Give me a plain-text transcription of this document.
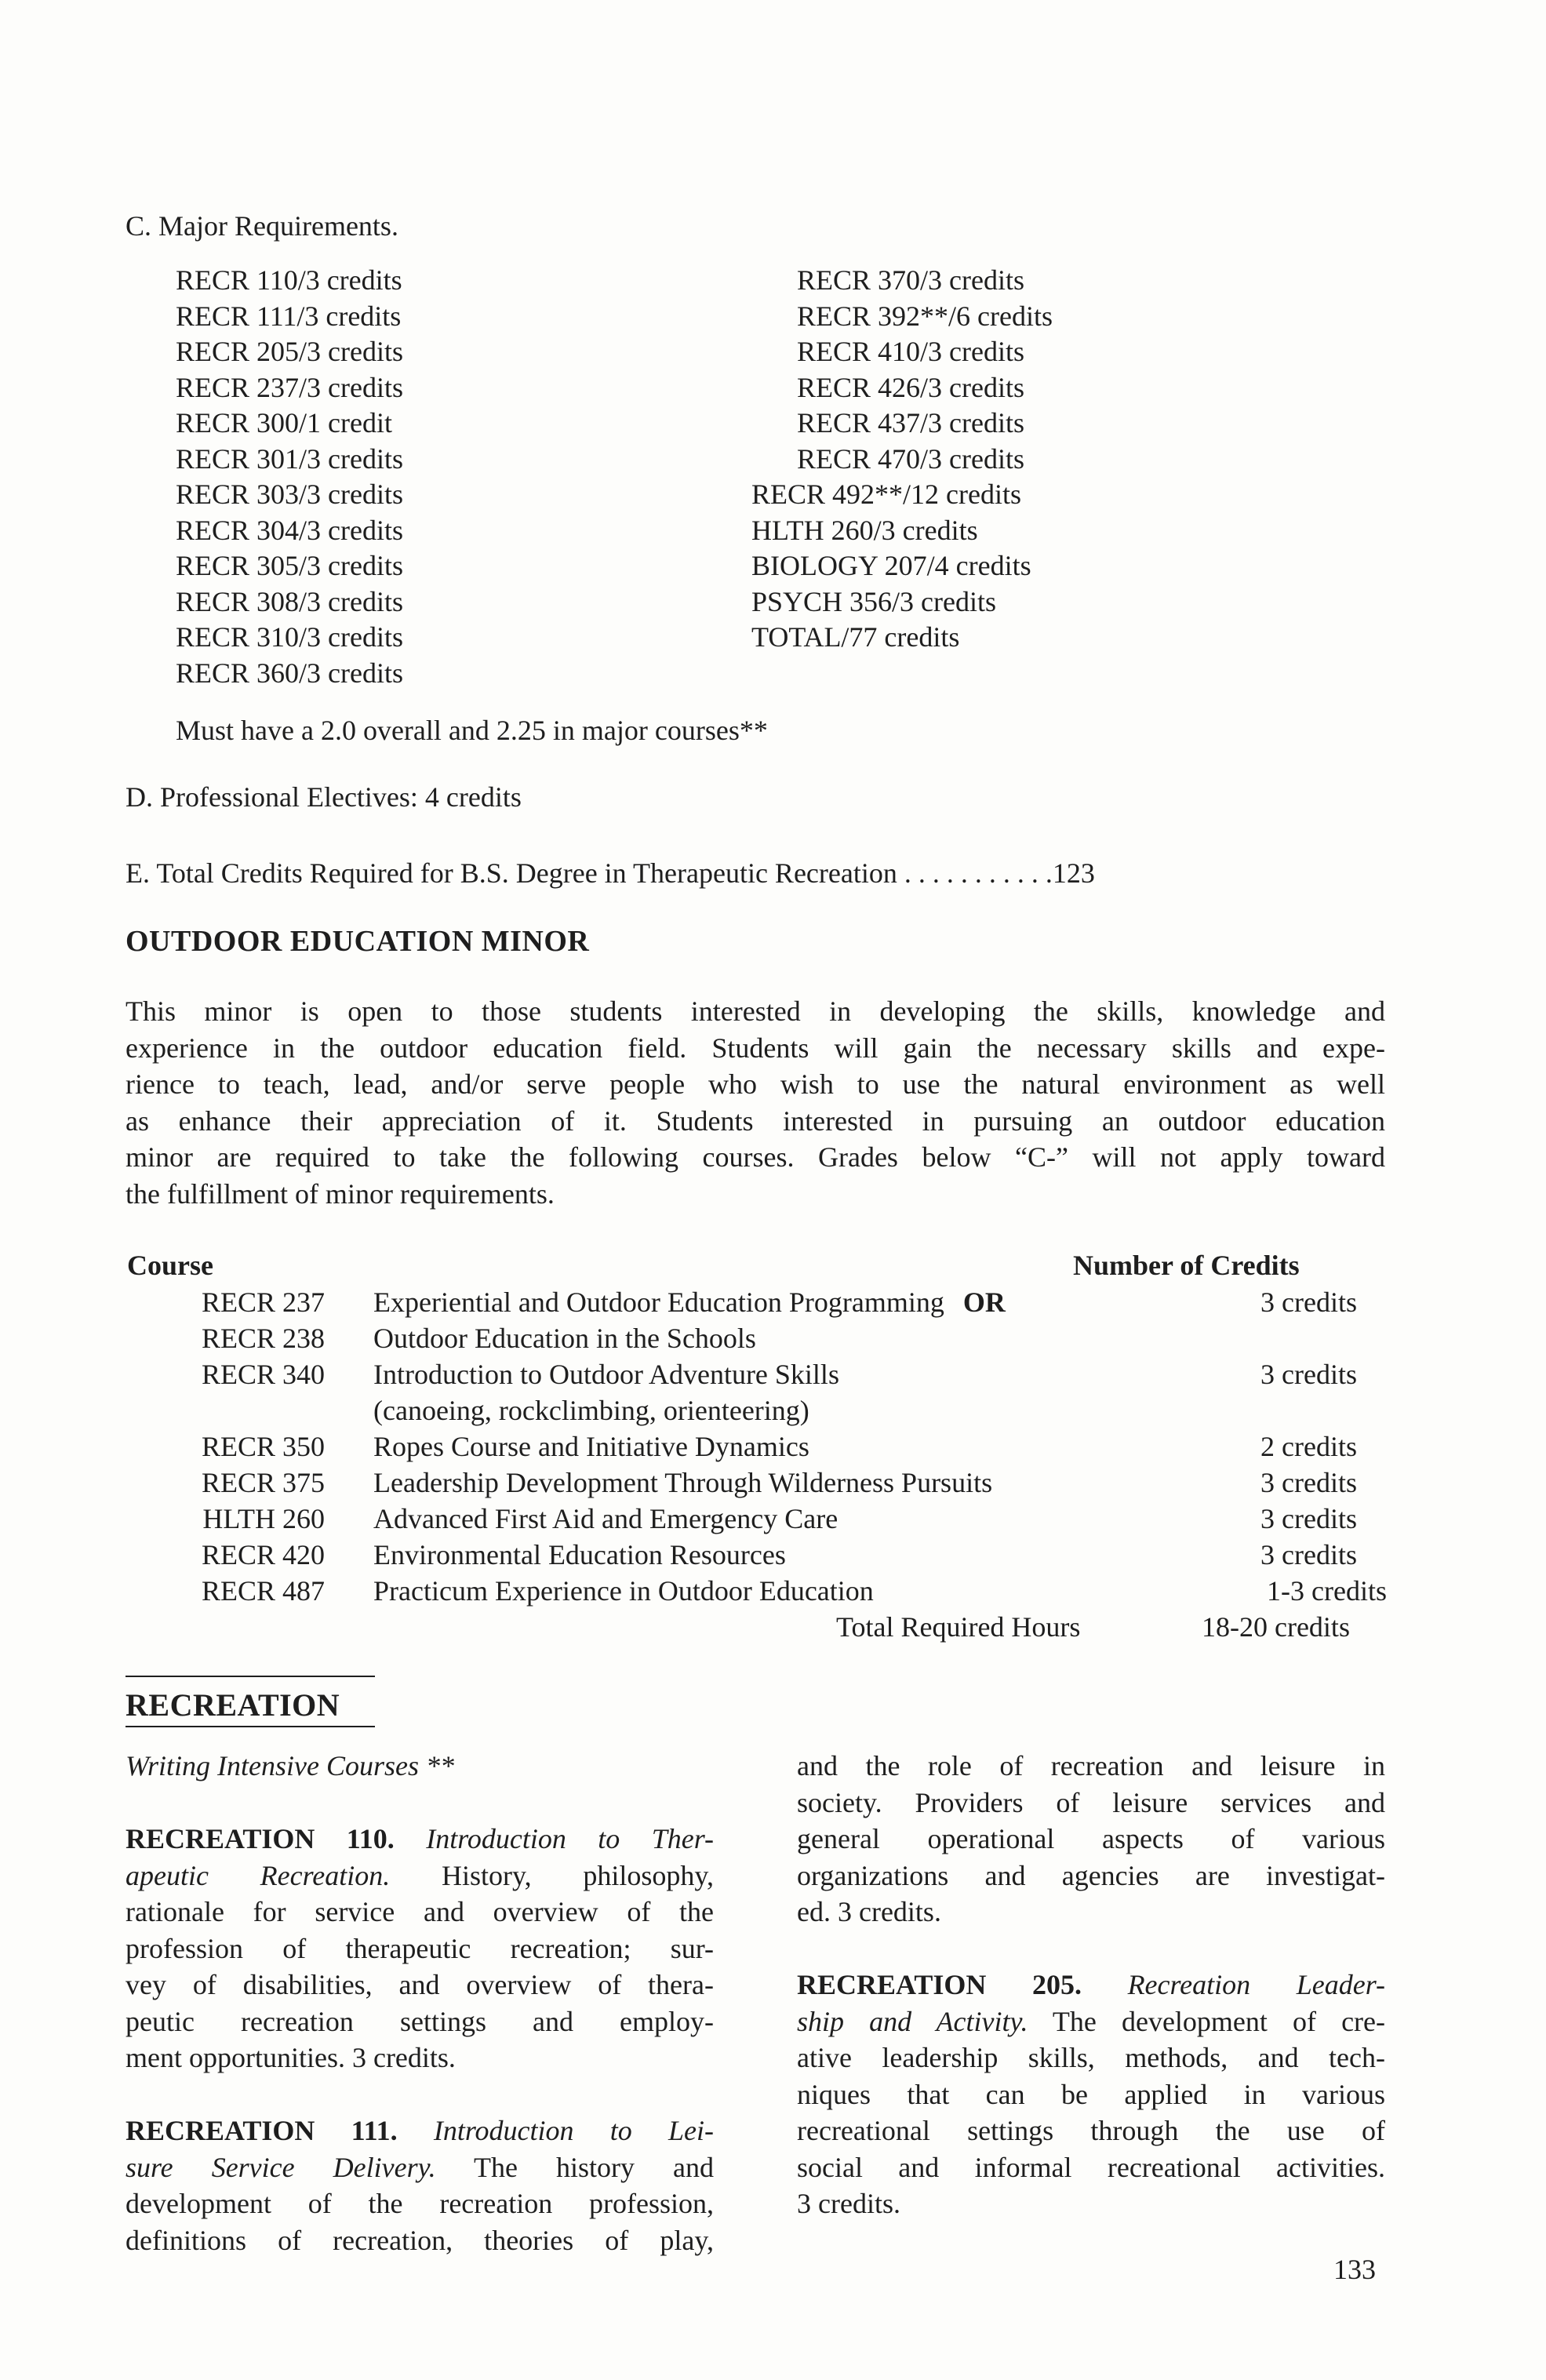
C. Major Requirements.
RECR 110/3 credits
RECR 111/3 credits
RECR 205/3 credits
RECR 237/3 credits
RECR 300/1 credit
RECR 301/3 credits
RECR 303/3 credits
RECR 304/3 credits
RECR 305/3 credits
RECR 308/3 credits
RECR 310/3 credits
RECR 360/3 credits
RECR 370/3 credits
RECR 392**/6 credits
RECR 410/3 credits
RECR 426/3 credits
RECR 437/3 credits
RECR 470/3 credits
RECR 492**/12 credits
HLTH 260/3 credits
BIOLOGY 207/4 credits
PSYCH 356/3 credits
TOTAL/77 credits
Must have a 2.0 overall and 2.25 in major courses**
D. Professional Electives: 4 credits
E. Total Credits Required for B.S. Degree in Therapeutic Recreation . . . . . . . . . . .123
OUTDOOR EDUCATION MINOR
This minor is open to those students interested in developing the skills, knowledge and
experience in the outdoor education field. Students will gain the necessary skills and expe-
rience to teach, lead, and/or serve people who wish to use the natural environment as well
as enhance their appreciation of it. Students interested in pursuing an outdoor education
minor are required to take the following courses. Grades below “C-” will not apply toward
the fulfillment of minor requirements.
Course	Number of Credits
RECR 237 Experiential and Outdoor Education Programming OR	3 credits
RECR 238 Outdoor Education in the Schools
RECR 340 Introduction to Outdoor Adventure Skills	3 credits
(canoeing, rockclimbing, orienteering)
RECR 350 Ropes Course and Initiative Dynamics	2 credits
RECR 375 Leadership Development Through Wilderness Pursuits	3 credits
HLTH 260 Advanced First Aid and Emergency Care	3 credits
RECR 420 Environmental Education Resources	3 credits
RECR 487 Practicum Experience in Outdoor Education	1-3 credits
Total Required Hours	18-20 credits
RECREATION
Writing Intensive Courses **
RECREATION 110. Introduction to Ther-
apeutic Recreation. History, philosophy,
rationale for service and overview of the
profession of therapeutic recreation; sur-
vey of disabilities, and overview of thera-
peutic recreation settings and employ-
ment opportunities. 3 credits.
RECREATION 111. Introduction to Lei-
sure Service Delivery. The history and
development of the recreation profession,
definitions of recreation, theories of play,
and the role of recreation and leisure in
society. Providers of leisure services and
general operational aspects of various
organizations and agencies are investigat-
ed. 3 credits.
RECREATION 205. Recreation Leader-
ship and Activity. The development of cre-
ative leadership skills, methods, and tech-
niques that can be applied in various
recreational settings through the use of
social and informal recreational activities.
3 credits.
133
